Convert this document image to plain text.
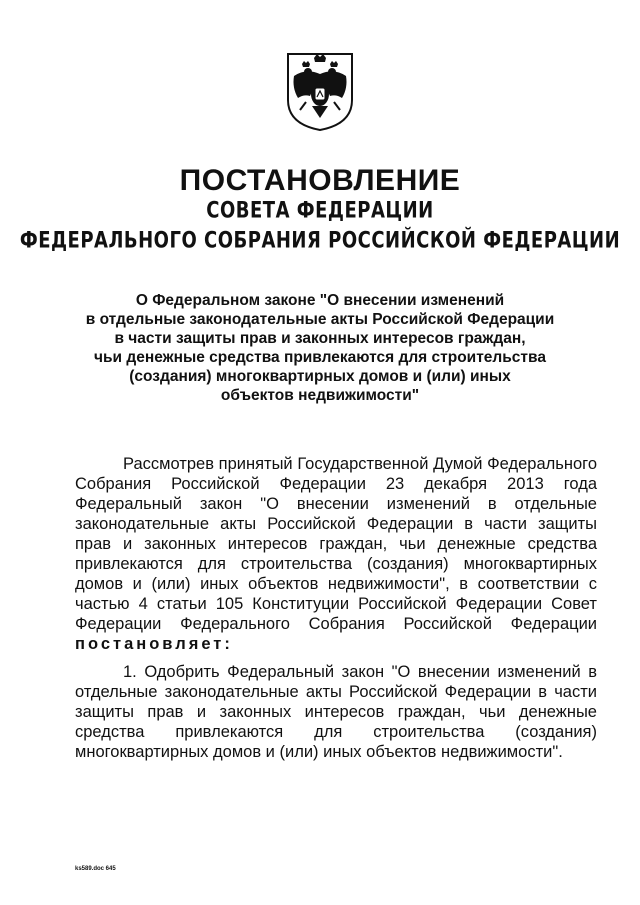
ПОСТАНОВЛЕНИЕ
СОВЕТА ФЕДЕРАЦИИ
ФЕДЕРАЛЬНОГО СОБРАНИЯ РОССИЙСКОЙ ФЕДЕРАЦИИ
О Федеральном законе "О внесении изменений
в отдельные законодательные акты Российской Федерации
в части защиты прав и законных интересов граждан,
чьи денежные средства привлекаются для строительства
(создания) многоквартирных домов и (или) иных
объектов недвижимости"
Рассмотрев принятый Государственной Думой Федерального
Собрания Российской Федерации 23 декабря 2013 года
Федеральный закон "О внесении изменений в отдельные
законодательные акты Российской Федерации в части защиты
прав и законных интересов граждан, чьи денежные средства
привлекаются для строительства (создания) многоквартирных
домов и (или) иных объектов недвижимости", в соответствии с
частью 4 статьи 105 Конституции Российской Федерации Совет
Федерации Федерального Собрания Российской Федерации
постановляет:
1. Одобрить Федеральный закон "О внесении изменений в
отдельные законодательные акты Российской Федерации в части
защиты прав и законных интересов граждан, чьи денежные
средства привлекаются для строительства (создания)
многоквартирных домов и (или) иных объектов недвижимости".
ks589.doc 645
